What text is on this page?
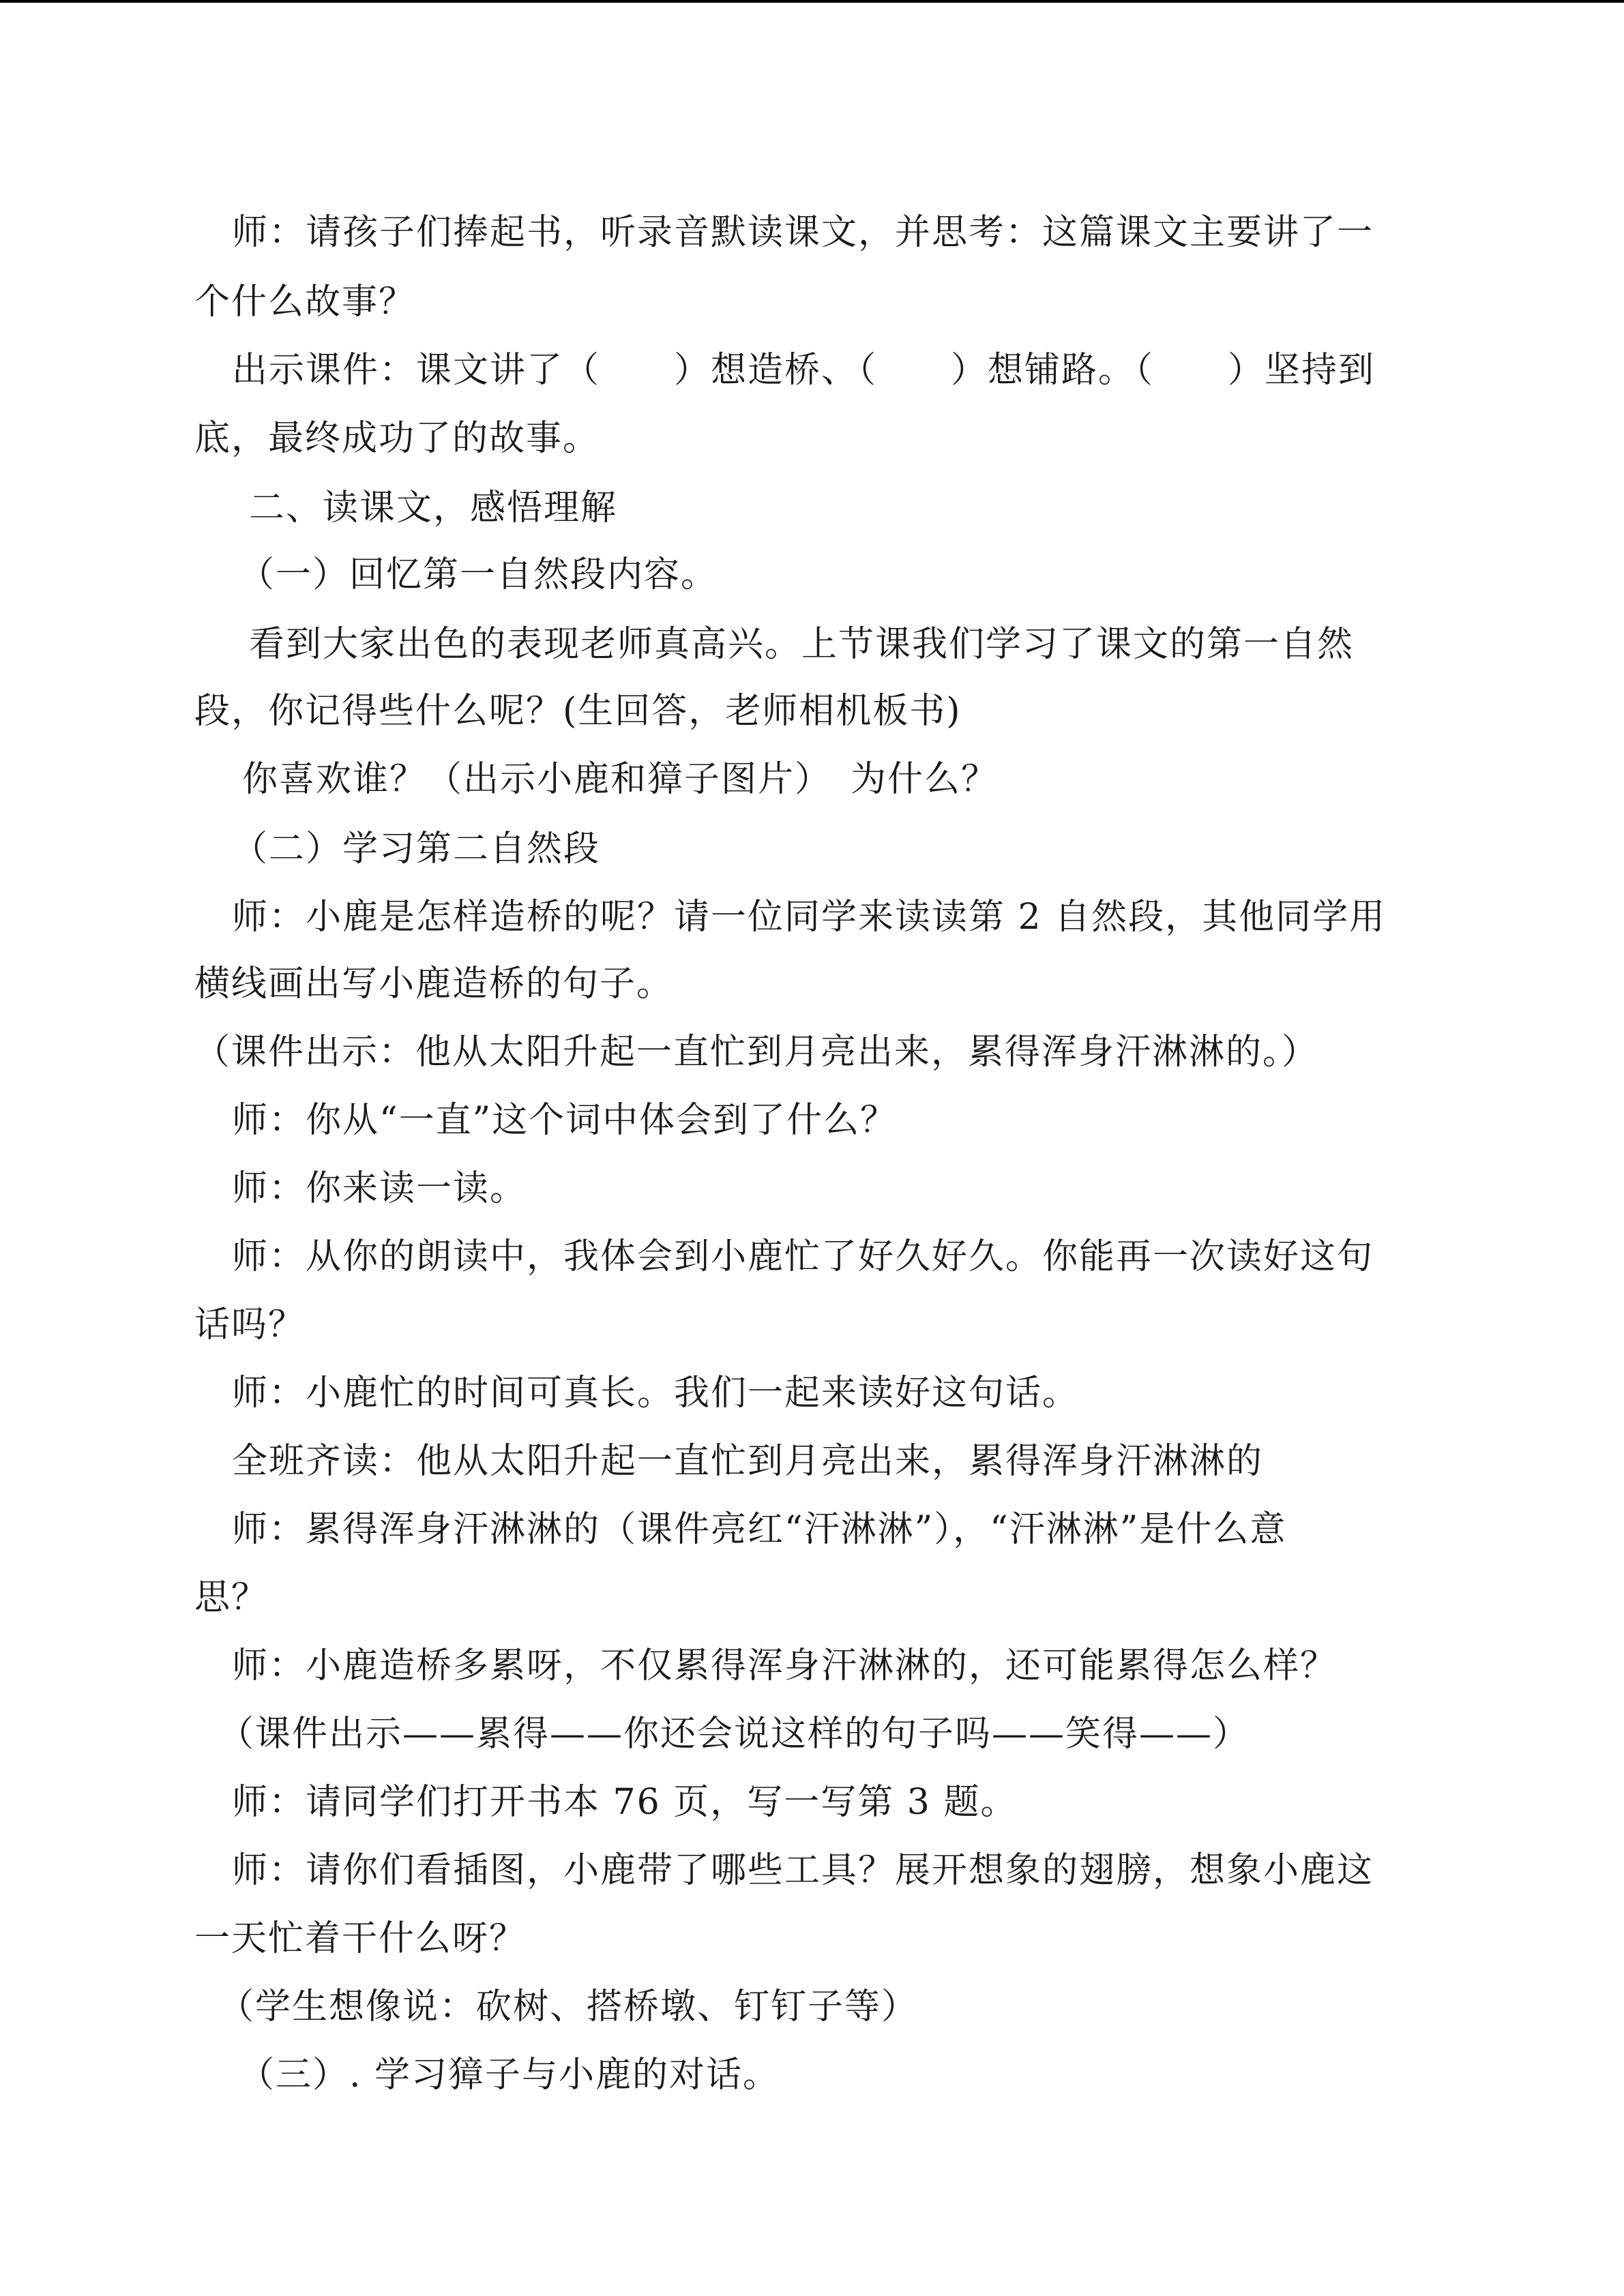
师：请孩子们捧起书，听录音默读课文，并思考：这篇课文主要讲了一
个什么故事？
出示课件：课文讲了（　　）想造桥、（　　）想铺路。（　　）坚持到
底，最终成功了的故事。
二、读课文，感悟理解
（一）回忆第一自然段内容。
看到大家出色的表现老师真高兴。上节课我们学习了课文的第一自然
段，你记得些什么呢？(生回答，老师相机板书)
你喜欢谁？（出示小鹿和獐子图片）　为什么？
（二）学习第二自然段
师：小鹿是怎样造桥的呢？请一位同学来读读第 2 自然段，其他同学用
横线画出写小鹿造桥的句子。
（课件出示：他从太阳升起一直忙到月亮出来，累得浑身汗淋淋的。）
师：你从“一直”这个词中体会到了什么？
师：你来读一读。
师：从你的朗读中，我体会到小鹿忙了好久好久。你能再一次读好这句
话吗？
师：小鹿忙的时间可真长。我们一起来读好这句话。
全班齐读：他从太阳升起一直忙到月亮出来，累得浑身汗淋淋的
师：累得浑身汗淋淋的（课件亮红“汗淋淋”），“汗淋淋”是什么意
思？
师：小鹿造桥多累呀，不仅累得浑身汗淋淋的，还可能累得怎么样？
（课件出示——累得——你还会说这样的句子吗——笑得——）
师：请同学们打开书本 76 页，写一写第 3 题。
师：请你们看插图，小鹿带了哪些工具？展开想象的翅膀，想象小鹿这
一天忙着干什么呀？
（学生想像说：砍树、搭桥墩、钉钉子等）
（三）. 学习獐子与小鹿的对话。
